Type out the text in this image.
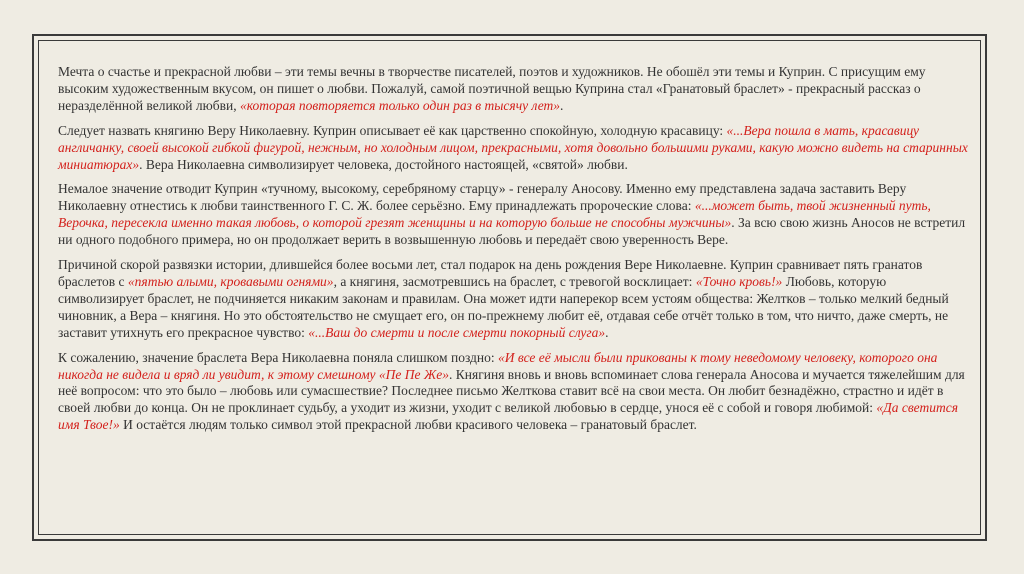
Мечта о счастье и прекрасной любви – эти темы вечны в творчестве писателей, поэтов и художников. Не обошёл эти темы и Куприн. С присущим ему высоким художественным вкусом, он пишет о любви. Пожалуй, самой поэтичной вещью Куприна стал «Гранатовый браслет» - прекрасный рассказ о неразделённой великой любви, «которая повторяется только один раз в тысячу лет».

Следует назвать княгиню Веру Николаевну. Куприн описывает её как царственно спокойную, холодную красавицу: «...Вера пошла в мать, красавицу англичанку, своей высокой гибкой фигурой, нежным, но холодным лицом, прекрасными, хотя довольно большими руками, какую можно видеть на старинных миниатюрах». Вера Николаевна символизирует человека, достойного настоящей, «святой» любви.

Немалое значение отводит Куприн «тучному, высокому, серебряному старцу» - генералу Аносову. Именно ему представлена задача заставить Веру Николаевну отнестись к любви таинственного Г. С. Ж. более серьёзно. Ему принадлежать пророческие слова: «...может быть, твой жизненный путь, Верочка, пересекла именно такая любовь, о которой грезят женщины и на которую больше не способны мужчины». За всю свою жизнь Аносов не встретил ни одного подобного примера, но он продолжает верить в возвышенную любовь и передаёт свою уверенность Вере.

Причиной скорой развязки истории, длившейся более восьми лет, стал подарок на день рождения Вере Николаевне. Куприн сравнивает пять гранатов браслетов с «пятью алыми, кровавыми огнями», а княгиня, засмотревшись на браслет, с тревогой восклицает: «Точно кровь!» Любовь, которую символизирует браслет, не подчиняется никаким законам и правилам. Она может идти наперекор всем устоям общества: Желтков – только мелкий бедный чиновник, а Вера – княгиня. Но это обстоятельство не смущает его, он по-прежнему любит её, отдавая себе отчёт только в том, что ничто, даже смерть, не заставит утихнуть его прекрасное чувство: «...Ваш до смерти и после смерти покорный слуга».

К сожалению, значение браслета Вера Николаевна поняла слишком поздно: «И все её мысли были прикованы к тому неведомому человеку, которого она никогда не видела и вряд ли увидит, к этому смешному «Пе Пе Же». Княгиня вновь и вновь вспоминает слова генерала Аносова и мучается тяжелейшим для неё вопросом: что это было – любовь или сумасшествие? Последнее письмо Желткова ставит всё на свои места. Он любит безнадёжно, страстно и идёт в своей любви до конца. Он не проклинает судьбу, а уходит из жизни, уходит с великой любовью в сердце, унося её с собой и говоря любимой: «Да светится имя Твое!» И остаётся людям только символ этой прекрасной любви красивого человека – гранатовый браслет.
